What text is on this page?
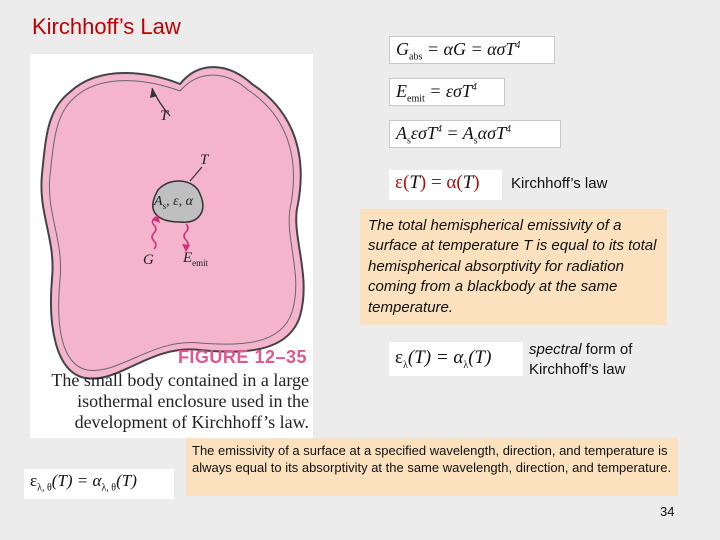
Kirchhoff’s Law
T
T
$A_s$, ε, α
G $E_{emit}$
FIGURE 12–35
The small body contained in a large isothermal enclosure used in the development of Kirchhoff’s law.
$G_{abs} = \alpha G = \alpha\sigma T^4$
$E_{emit} = \varepsilon\sigma T^4$
$A_s\varepsilon\sigma T^4 = A_s\alpha\sigma T^4$
ε(T) = α(T)	Kirchhoff’s law
The total hemispherical emissivity of a surface at temperature T is equal to its total hemispherical absorptivity for radiation coming from a blackbody at the same temperature.
$\varepsilon_\lambda(T) = \alpha_\lambda(T)$	spectral form of Kirchhoff’s law
$\varepsilon_{\lambda, \theta}(T) = \alpha_{\lambda, \theta}(T)$
The emissivity of a surface at a specified wavelength, direction, and temperature is always equal to its absorptivity at the same wavelength, direction, and temperature.
34
